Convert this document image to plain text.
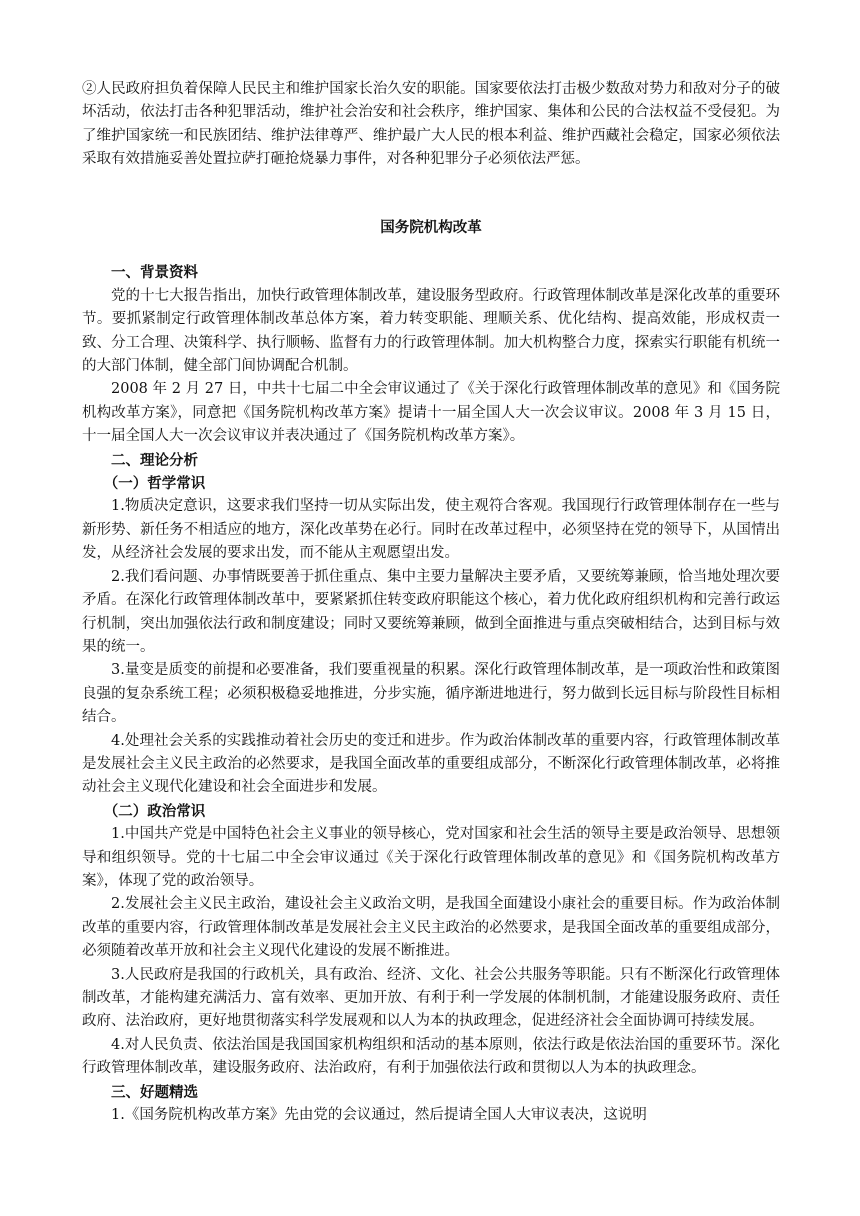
②人民政府担负着保障人民民主和维护国家长治久安的职能。国家要依法打击极少数敌对势力和敌对分子的破坏活动，依法打击各种犯罪活动，维护社会治安和社会秩序，维护国家、集体和公民的合法权益不受侵犯。为了维护国家统一和民族团结、维护法律尊严、维护最广大人民的根本利益、维护西藏社会稳定，国家必须依法采取有效措施妥善处置拉萨打砸抢烧暴力事件，对各种犯罪分子必须依法严惩。

国务院机构改革

一、背景资料

党的十七大报告指出，加快行政管理体制改革，建设服务型政府。行政管理体制改革是深化改革的重要环节。要抓紧制定行政管理体制改革总体方案，着力转变职能、理顺关系、优化结构、提高效能，形成权责一致、分工合理、决策科学、执行顺畅、监督有力的行政管理体制。加大机构整合力度，探索实行职能有机统一的大部门体制，健全部门间协调配合机制。

2008 年 2 月 27 日，中共十七届二中全会审议通过了《关于深化行政管理体制改革的意见》和《国务院机构改革方案》，同意把《国务院机构改革方案》提请十一届全国人大一次会议审议。2008 年 3 月 15 日，十一届全国人大一次会议审议并表决通过了《国务院机构改革方案》。

二、理论分析

（一）哲学常识

1.物质决定意识，这要求我们坚持一切从实际出发，使主观符合客观。我国现行行政管理体制存在一些与新形势、新任务不相适应的地方，深化改革势在必行。同时在改革过程中，必须坚持在党的领导下，从国情出发，从经济社会发展的要求出发，而不能从主观愿望出发。

2.我们看问题、办事情既要善于抓住重点、集中主要力量解决主要矛盾，又要统筹兼顾，恰当地处理次要矛盾。在深化行政管理体制改革中，要紧紧抓住转变政府职能这个核心，着力优化政府组织机构和完善行政运行机制，突出加强依法行政和制度建设；同时又要统筹兼顾，做到全面推进与重点突破相结合，达到目标与效果的统一。

3.量变是质变的前提和必要准备，我们要重视量的积累。深化行政管理体制改革，是一项政治性和政策图良强的复杂系统工程；必须积极稳妥地推进，分步实施，循序渐进地进行，努力做到长远目标与阶段性目标相结合。

4.处理社会关系的实践推动着社会历史的变迁和进步。作为政治体制改革的重要内容，行政管理体制改革是发展社会主义民主政治的必然要求，是我国全面改革的重要组成部分，不断深化行政管理体制改革，必将推动社会主义现代化建设和社会全面进步和发展。

（二）政治常识

1.中国共产党是中国特色社会主义事业的领导核心，党对国家和社会生活的领导主要是政治领导、思想领导和组织领导。党的十七届二中全会审议通过《关于深化行政管理体制改革的意见》和《国务院机构改革方案》，体现了党的政治领导。

2.发展社会主义民主政治，建设社会主义政治文明，是我国全面建设小康社会的重要目标。作为政治体制改革的重要内容，行政管理体制改革是发展社会主义民主政治的必然要求，是我国全面改革的重要组成部分，必须随着改革开放和社会主义现代化建设的发展不断推进。

3.人民政府是我国的行政机关，具有政治、经济、文化、社会公共服务等职能。只有不断深化行政管理体制改革，才能构建充满活力、富有效率、更加开放、有利于利一学发展的体制机制，才能建设服务政府、责任政府、法治政府，更好地贯彻落实科学发展观和以人为本的执政理念，促进经济社会全面协调可持续发展。

4.对人民负责、依法治国是我国国家机构组织和活动的基本原则，依法行政是依法治国的重要环节。深化行政管理体制改革，建设服务政府、法治政府，有利于加强依法行政和贯彻以人为本的执政理念。

三、好题精选

1.《国务院机构改革方案》先由党的会议通过，然后提请全国人大审议表决，这说明
